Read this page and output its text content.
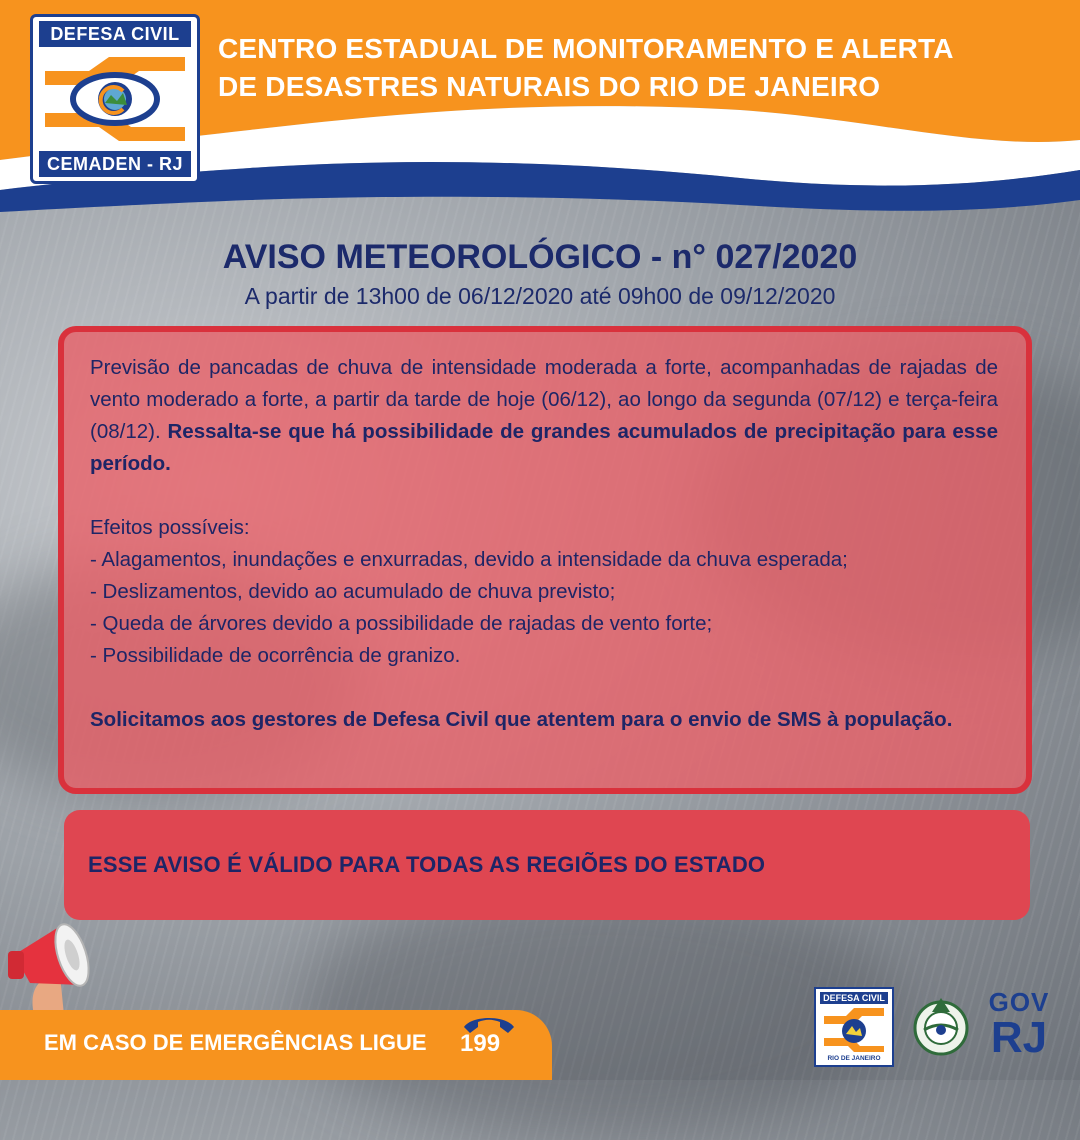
DEFESA CIVIL
CEMADEN - RJ
CENTRO ESTADUAL DE MONITORAMENTO E ALERTA
DE DESASTRES NATURAIS DO RIO DE JANEIRO
AVISO METEOROLÓGICO - n° 027/2020
A partir de 13h00 de 06/12/2020 até 09h00 de 09/12/2020

Previsão de pancadas de chuva de intensidade moderada a forte, acompanhadas de rajadas de vento moderado a forte, a partir da tarde de hoje (06/12), ao longo da segunda (07/12) e terça-feira (08/12). Ressalta-se que há possibilidade de grandes acumulados de precipitação para esse período.

Efeitos possíveis:

- Alagamentos, inundações e enxurradas, devido a intensidade da chuva esperada;

- Deslizamentos, devido ao acumulado de chuva previsto;

- Queda de árvores devido a possibilidade de rajadas de vento forte;

- Possibilidade de ocorrência de granizo.

Solicitamos aos gestores de Defesa Civil que atentem para o envio de SMS à população.

ESSE AVISO É VÁLIDO PARA TODAS AS REGIÕES DO ESTADO
EM CASO DE EMERGÊNCIAS LIGUE 199
DEFESA CIVIL
RIO DE JANEIRO
GOV
RJ
